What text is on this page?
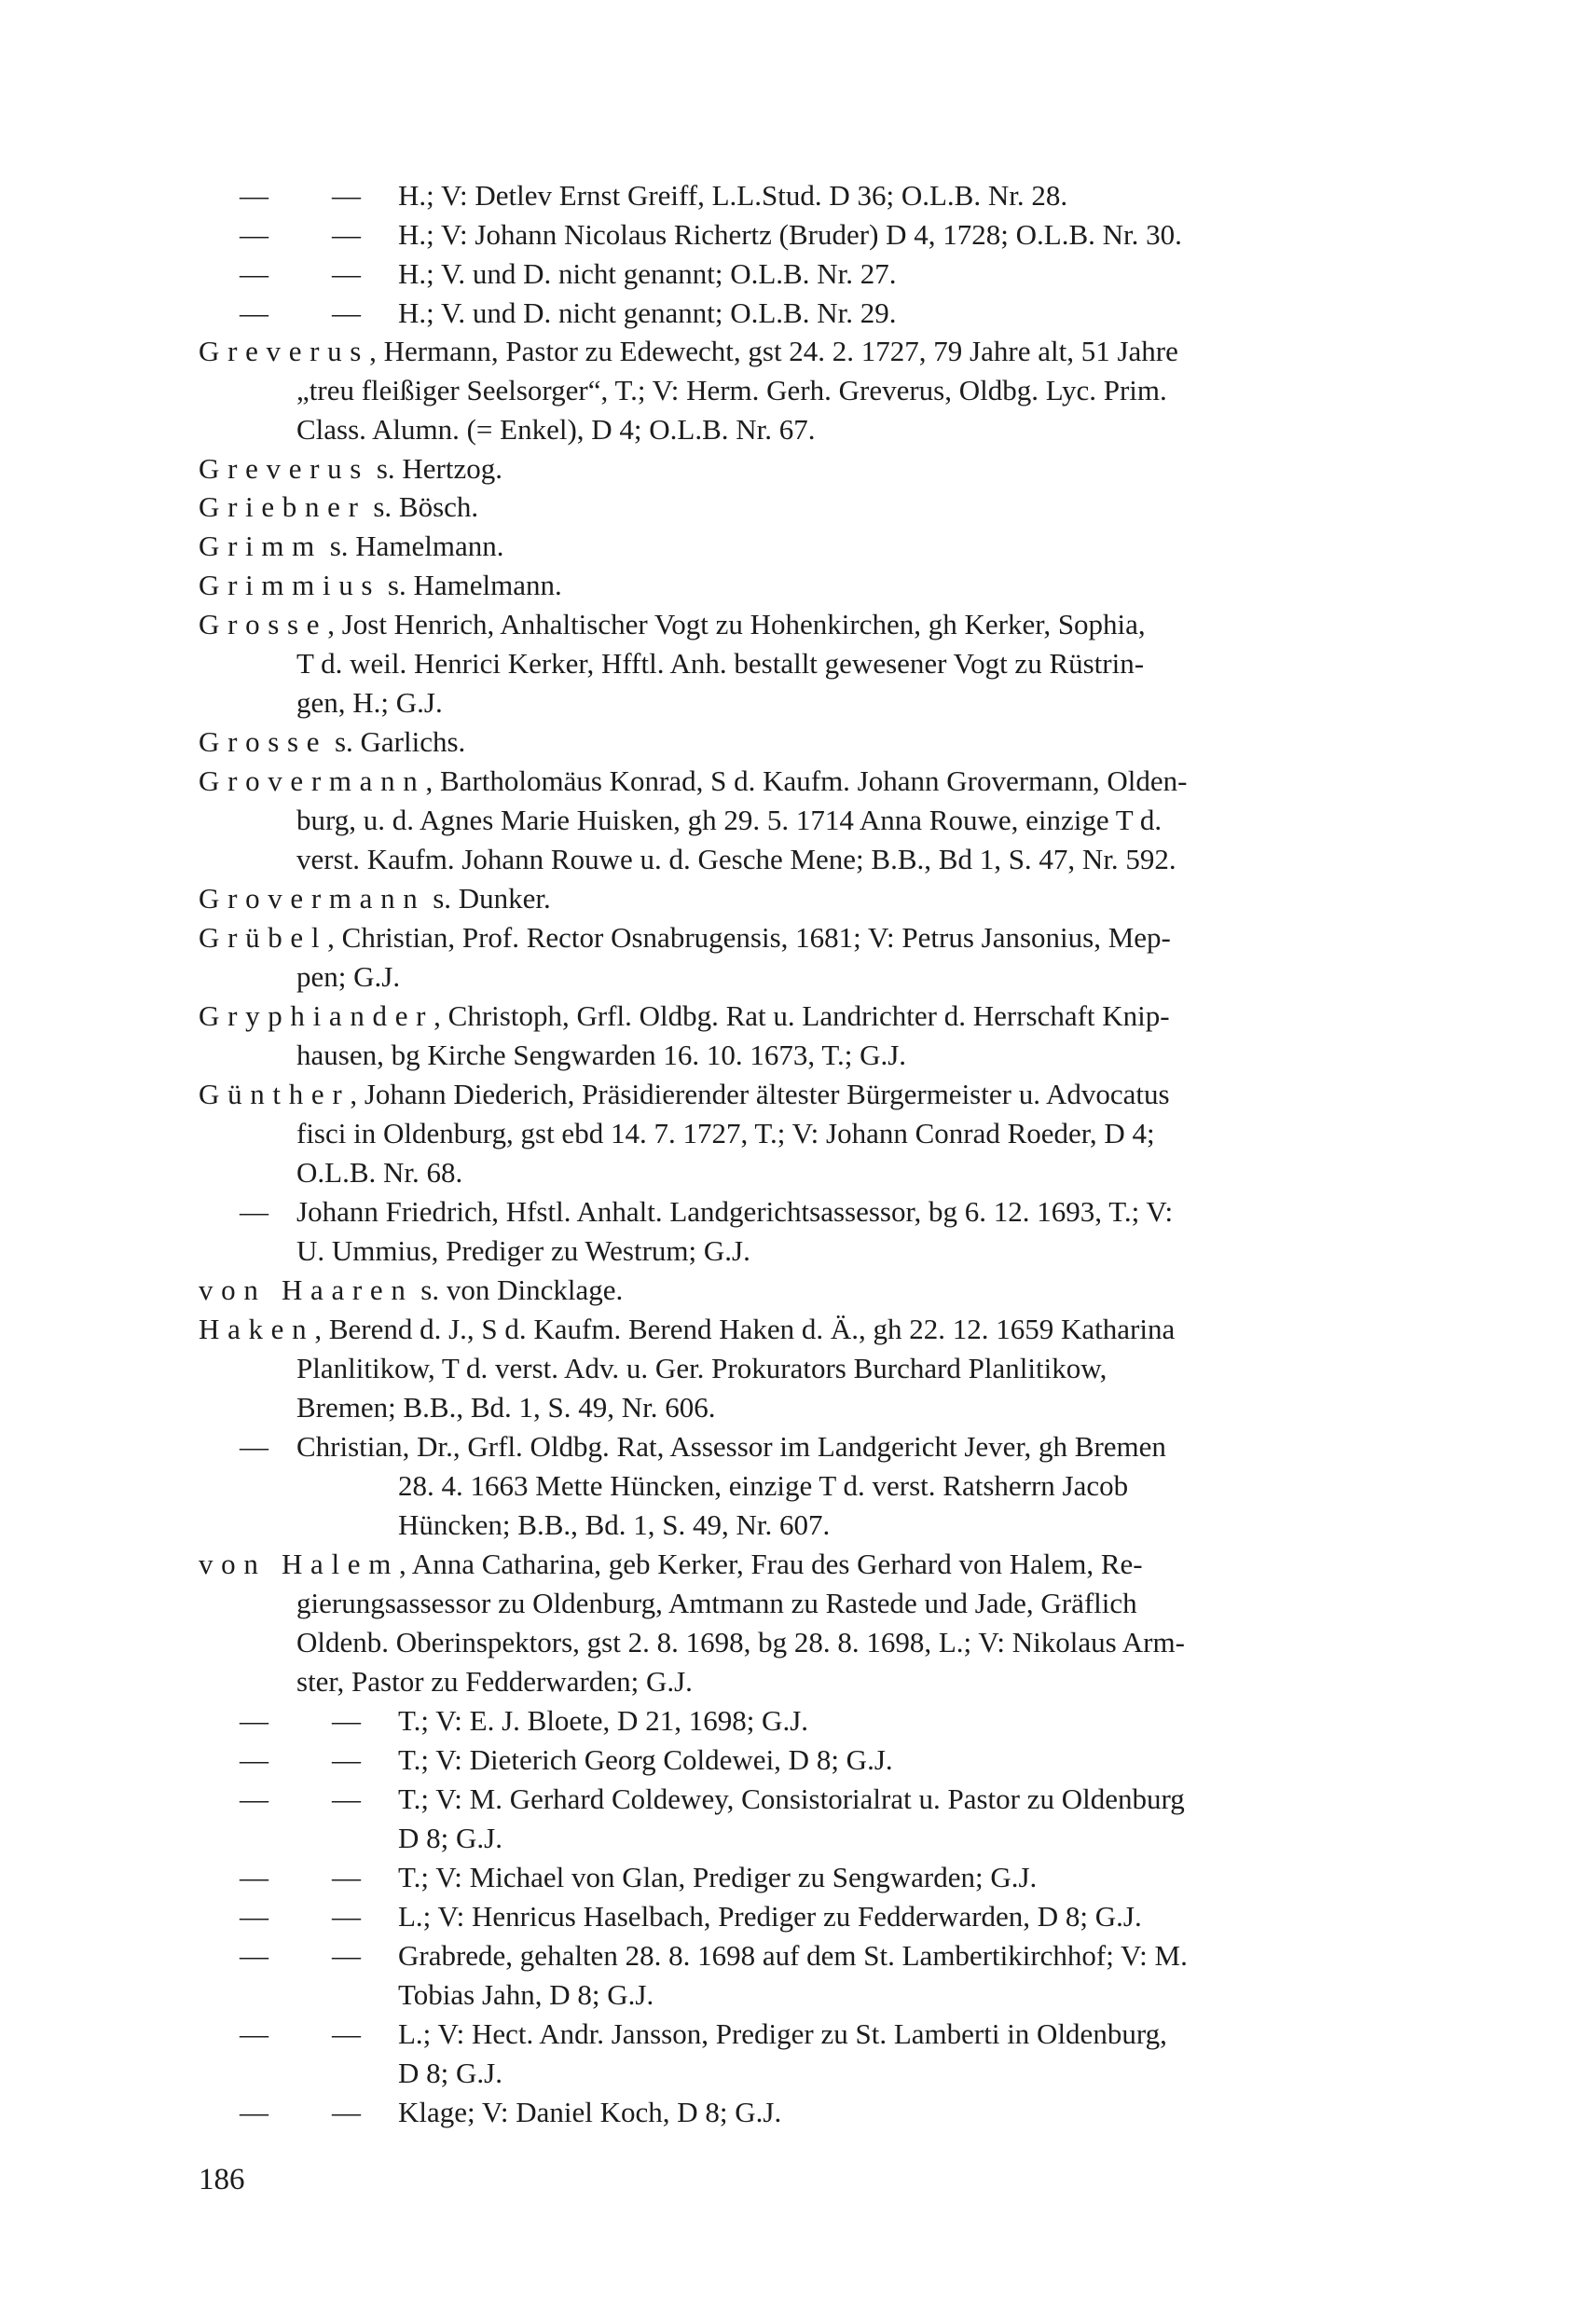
— — H.; V: Detlev Ernst Greiff, L.L.Stud. D 36; O.L.B. Nr. 28.
— — H.; V: Johann Nicolaus Richertz (Bruder) D 4, 1728; O.L.B. Nr. 30.
— — H.; V. und D. nicht genannt; O.L.B. Nr. 27.
— — H.; V. und D. nicht genannt; O.L.B. Nr. 29.
Greverus, Hermann, Pastor zu Edewecht, gst 24. 2. 1727, 79 Jahre alt, 51 Jahre
„treu fleißiger Seelsorger“, T.; V: Herm. Gerh. Greverus, Oldbg. Lyc. Prim.
Class. Alumn. (= Enkel), D 4; O.L.B. Nr. 67.
Greverus s. Hertzog.
Griebner s. Bösch.
Grimm s. Hamelmann.
Grimmius s. Hamelmann.
Grosse, Jost Henrich, Anhaltischer Vogt zu Hohenkirchen, gh Kerker, Sophia,
T d. weil. Henrici Kerker, Hfftl. Anh. bestallt gewesener Vogt zu Rüstrin-
gen, H.; G.J.
Grosse s. Garlichs.
Grovermann, Bartholomäus Konrad, S d. Kaufm. Johann Grovermann, Olden-
burg, u. d. Agnes Marie Huisken, gh 29. 5. 1714 Anna Rouwe, einzige T d.
verst. Kaufm. Johann Rouwe u. d. Gesche Mene; B.B., Bd 1, S. 47, Nr. 592.
Grovermann s. Dunker.
Grübel, Christian, Prof. Rector Osnabrugensis, 1681; V: Petrus Jansonius, Mep-
pen; G.J.
Gryphiander, Christoph, Grfl. Oldbg. Rat u. Landrichter d. Herrschaft Knip-
hausen, bg Kirche Sengwarden 16. 10. 1673, T.; G.J.
Günther, Johann Diederich, Präsidierender ältester Bürgermeister u. Advocatus
fisci in Oldenburg, gst ebd 14. 7. 1727, T.; V: Johann Conrad Roeder, D 4;
O.L.B. Nr. 68.
— Johann Friedrich, Hfstl. Anhalt. Landgerichtsassessor, bg 6. 12. 1693, T.; V:
U. Ummius, Prediger zu Westrum; G.J.
von Haaren s. von Dincklage.
Haken, Berend d. J., S d. Kaufm. Berend Haken d. Ä., gh 22. 12. 1659 Katharina
Planlitikow, T d. verst. Adv. u. Ger. Prokurators Burchard Planlitikow,
Bremen; B.B., Bd. 1, S. 49, Nr. 606.
— Christian, Dr., Grfl. Oldbg. Rat, Assessor im Landgericht Jever, gh Bremen
28. 4. 1663 Mette Hüncken, einzige T d. verst. Ratsherrn Jacob
Hüncken; B.B., Bd. 1, S. 49, Nr. 607.
von Halem, Anna Catharina, geb Kerker, Frau des Gerhard von Halem, Re-
gierungsassessor zu Oldenburg, Amtmann zu Rastede und Jade, Gräflich
Oldenb. Oberinspektors, gst 2. 8. 1698, bg 28. 8. 1698, L.; V: Nikolaus Arm-
ster, Pastor zu Fedderwarden; G.J.
— — T.; V: E. J. Bloete, D 21, 1698; G.J.
— — T.; V: Dieterich Georg Coldewei, D 8; G.J.
— — T.; V: M. Gerhard Coldewey, Consistorialrat u. Pastor zu Oldenburg
D 8; G.J.
— — T.; V: Michael von Glan, Prediger zu Sengwarden; G.J.
— — L.; V: Henricus Haselbach, Prediger zu Fedderwarden, D 8; G.J.
— — Grabrede, gehalten 28. 8. 1698 auf dem St. Lambertikirchhof; V: M.
Tobias Jahn, D 8; G.J.
— — L.; V: Hect. Andr. Jansson, Prediger zu St. Lamberti in Oldenburg,
D 8; G.J.
— — Klage; V: Daniel Koch, D 8; G.J.
186
